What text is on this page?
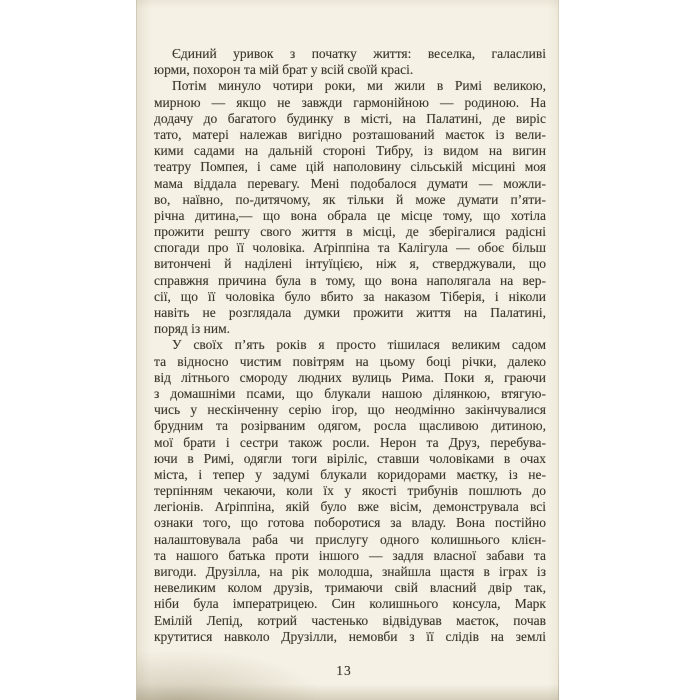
Єдиний уривок з початку життя: веселка, галасливі
юрми, похорон та мій брат у всій своїй красі.
Потім минуло чотири роки, ми жили в Римі великою,
мирною — якщо не завжди гармонійною — родиною. На
додачу до багатого будинку в місті, на Палатині, де виріс
тато, матері належав вигідно розташований маєток із вели-
кими садами на дальній стороні Тибру, із видом на вигин
театру Помпея, і саме цій наполовину сільській місцині моя
мама віддала перевагу. Мені подобалося думати — можли-
во, наївно, по-дитячому, як тільки й може думати п’яти-
річна дитина,— що вона обрала це місце тому, що хотіла
прожити решту свого життя в місці, де зберігалися радісні
спогади про її чоловіка. Аґріппіна та Калігула — обоє більш
витончені й наділені інтуїцією, ніж я, стверджували, що
справжня причина була в тому, що вона наполягала на вер-
сії, що її чоловіка було вбито за наказом Тіберія, і ніколи
навіть не розглядала думки прожити життя на Палатині,
поряд із ним.
У своїх п’ять років я просто тішилася великим садом
та відносно чистим повітрям на цьому боці річки, далеко
від літнього смороду людних вулиць Рима. Поки я, граючи
з домашніми псами, що блукали нашою ділянкою, втягую-
чись у нескінченну серію ігор, що неодмінно закінчувалися
брудним та розірваним одягом, росла щасливою дитиною,
мої брати і сестри також росли. Нерон та Друз, перебува-
ючи в Римі, одягли тоги віріліс, ставши чоловіками в очах
міста, і тепер у задумі блукали коридорами маєтку, із не-
терпінням чекаючи, коли їх у якості трибунів пошлють до
легіонів. Аґріппіна, якій було вже вісім, демонструвала всі
ознаки того, що готова поборотися за владу. Вона постійно
налаштовувала раба чи прислугу одного колишнього клієн-
та нашого батька проти іншого — задля власної забави та
вигоди. Друзілла, на рік молодша, знайшла щастя в іграх із
невеликим колом друзів, тримаючи свій власний двір так,
ніби була імператрицею. Син колишнього консула, Марк
Емілій Лепід, котрий частенько відвідував маєток, почав
крутитися навколо Друзілли, немовби з її слідів на землі
13
